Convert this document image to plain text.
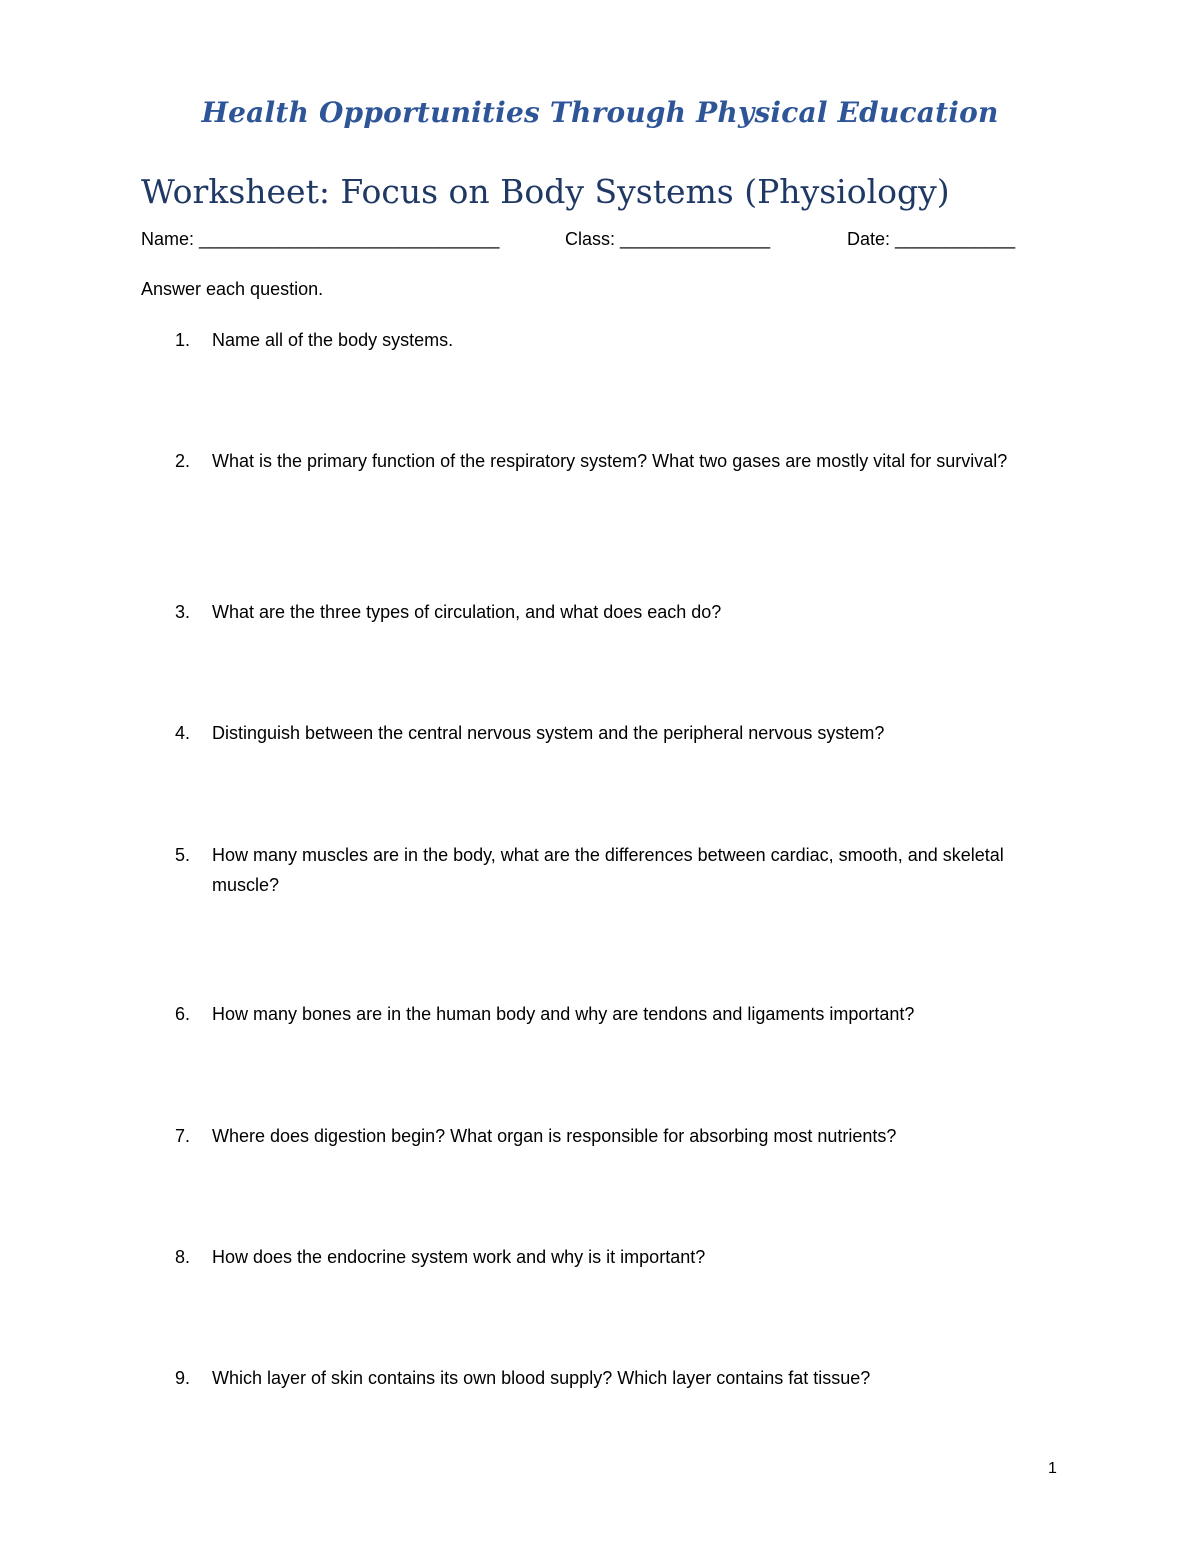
Health Opportunities Through Physical Education
Worksheet: Focus on Body Systems (Physiology)
Name: ______________________________	Class: _______________	Date: ____________
Answer each question.
1. Name all of the body systems.
2. What is the primary function of the respiratory system? What two gases are mostly vital for survival?
3. What are the three types of circulation, and what does each do?
4. Distinguish between the central nervous system and the peripheral nervous system?
5. How many muscles are in the body, what are the differences between cardiac, smooth, and skeletal muscle?
6. How many bones are in the human body and why are tendons and ligaments important?
7. Where does digestion begin? What organ is responsible for absorbing most nutrients?
8. How does the endocrine system work and why is it important?
9. Which layer of skin contains its own blood supply? Which layer contains fat tissue?
1
